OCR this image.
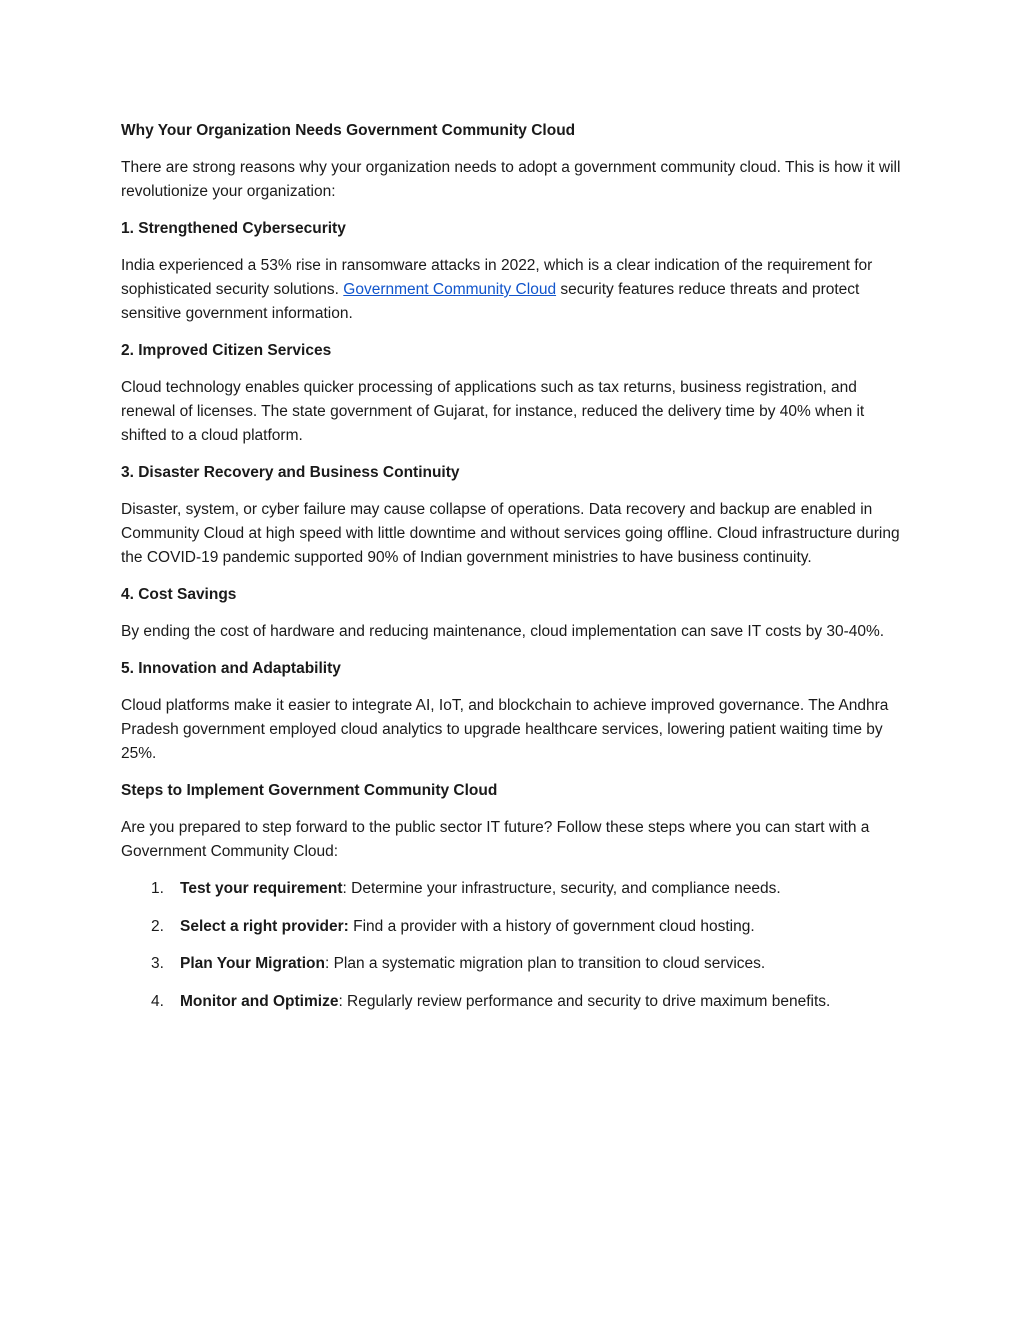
Why Your Organization Needs Government Community Cloud
There are strong reasons why your organization needs to adopt a government community cloud. This is how it will revolutionize your organization:
1. Strengthened Cybersecurity
India experienced a 53% rise in ransomware attacks in 2022, which is a clear indication of the requirement for sophisticated security solutions. Government Community Cloud security features reduce threats and protect sensitive government information.
2. Improved Citizen Services
Cloud technology enables quicker processing of applications such as tax returns, business registration, and renewal of licenses. The state government of Gujarat, for instance, reduced the delivery time by 40% when it shifted to a cloud platform.
3. Disaster Recovery and Business Continuity
Disaster, system, or cyber failure may cause collapse of operations. Data recovery and backup are enabled in Community Cloud at high speed with little downtime and without services going offline. Cloud infrastructure during the COVID-19 pandemic supported 90% of Indian government ministries to have business continuity.
4. Cost Savings
By ending the cost of hardware and reducing maintenance, cloud implementation can save IT costs by 30-40%.
5. Innovation and Adaptability
Cloud platforms make it easier to integrate AI, IoT, and blockchain to achieve improved governance. The Andhra Pradesh government employed cloud analytics to upgrade healthcare services, lowering patient waiting time by 25%.
Steps to Implement Government Community Cloud
Are you prepared to step forward to the public sector IT future? Follow these steps where you can start with a Government Community Cloud:
1. Test your requirement: Determine your infrastructure, security, and compliance needs.
2. Select a right provider: Find a provider with a history of government cloud hosting.
3. Plan Your Migration: Plan a systematic migration plan to transition to cloud services.
4. Monitor and Optimize: Regularly review performance and security to drive maximum benefits.
